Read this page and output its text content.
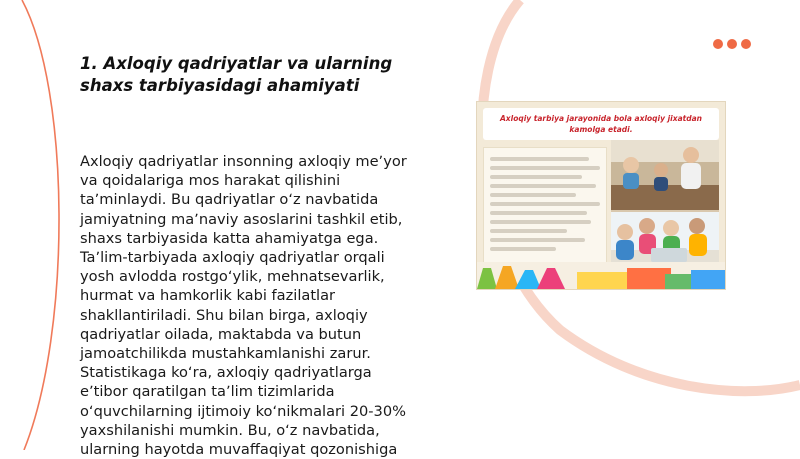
1. Axloqiy qadriyatlar va ularning shaxs tarbiyasidagi ahamiyati

Axloqiy qadriyatlar insonning axloqiy meʼyor va qoidalariga mos harakat qilishini taʼminlaydi. Bu qadriyatlar oʻz navbatida jamiyatning maʼnaviy asoslarini tashkil etib, shaxs tarbiyasida katta ahamiyatga ega. Taʼlim-tarbiyada axloqiy qadriyatlar orqali yosh avlodda rostgoʻylik, mehnatsevarlik, hurmat va hamkorlik kabi fazilatlar shakllantiriladi. Shu bilan birga, axloqiy qadriyatlar oilada, maktabda va butun jamoatchilikda mustahkamlanishi zarur. Statistikaga koʻra, axloqiy qadriyatlarga eʼtibor qaratilgan taʼlim tizimlarida oʻquvchilarning ijtimoiy koʻnikmalari 20-30% yaxshilanishi mumkin. Bu, oʻz navbatida, ularning hayotda muvaffaqiyat qozonishiga

Axloqiy tarbiya jarayonida bola axloqiy jixatdan kamolga etadi.
